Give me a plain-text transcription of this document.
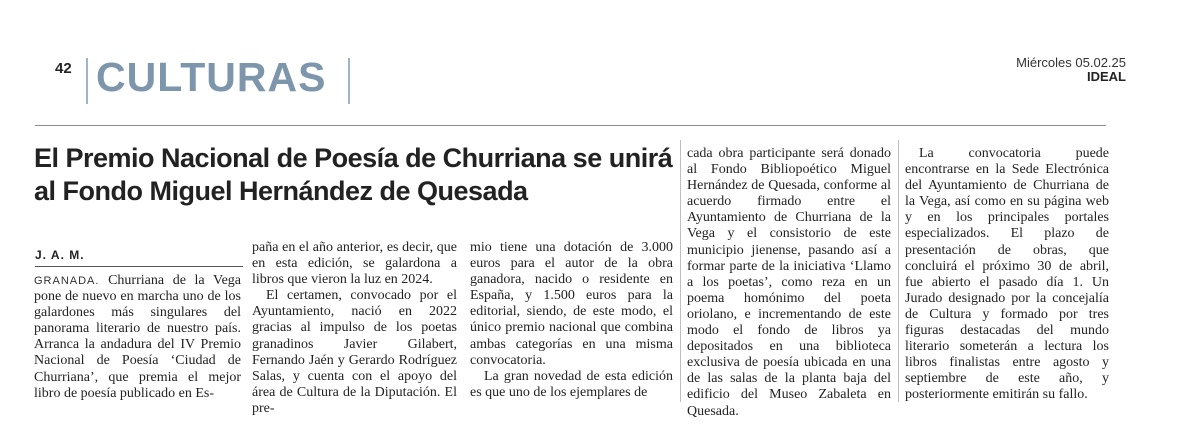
42 CULTURAS	Miércoles 05.02.25
IDEAL
El Premio Nacional de Poesía de Churriana se unirá al Fondo Miguel Hernández de Quesada
J. A. M.

GRANADA. Churriana de la Vega pone de nuevo en marcha uno de los galardones más singulares del panorama literario de nuestro país. Arranca la andadura del IV Premio Nacional de Poesía ‘Ciudad de Churriana’, que premia el mejor libro de poesía publicado en Es-

paña en el año anterior, es decir, que en esta edición, se galardona a libros que vieron la luz en 2024.

El certamen, convocado por el Ayuntamiento, nació en 2022 gracias al impulso de los poetas granadinos Javier Gilabert, Fernando Jaén y Gerardo Rodríguez Salas, y cuenta con el apoyo del área de Cultura de la Diputación. El pre-

mio tiene una dotación de 3.000 euros para el autor de la obra ganadora, nacido o residente en España, y 1.500 euros para la editorial, siendo, de este modo, el único premio nacional que combina ambas categorías en una misma convocatoria.

La gran novedad de esta edición es que uno de los ejemplares de

cada obra participante será donado al Fondo Bibliopoético Miguel Hernández de Quesada, conforme al acuerdo firmado entre el Ayuntamiento de Churriana de la Vega y el consistorio de este municipio jienense, pasando así a formar parte de la iniciativa ‘Llamo a los poetas’, como reza en un poema homónimo del poeta oriolano, e incrementando de este modo el fondo de libros ya depositados en una biblioteca exclusiva de poesía ubicada en una de las salas de la planta baja del edificio del Museo Zabaleta en Quesada.

La convocatoria puede encontrarse en la Sede Electrónica del Ayuntamiento de Churriana de la Vega, así como en su página web y en los principales portales especializados. El plazo de presentación de obras, que concluirá el próximo 30 de abril, fue abierto el pasado día 1. Un Jurado designado por la concejalía de Cultura y formado por tres figuras destacadas del mundo literario someterán a lectura los libros finalistas entre agosto y septiembre de este año, y posteriormente emitirán su fallo.
